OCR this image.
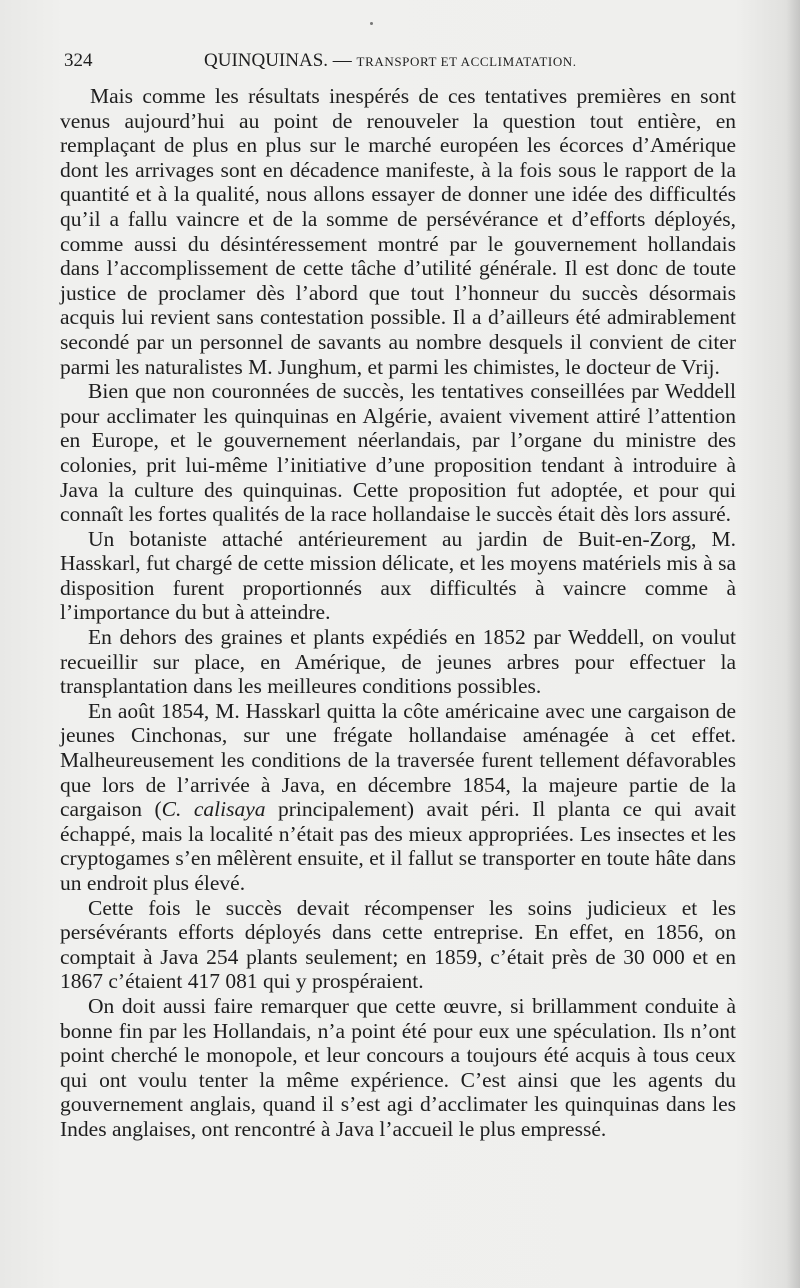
324	QUINQUINAS. — TRANSPORT ET ACCLIMATATION.

Mais comme les résultats inespérés de ces tentatives premières en sont venus aujourd’hui au point de renouveler la question tout entière, en remplaçant de plus en plus sur le marché européen les écorces d’Amérique dont les arrivages sont en décadence manifeste, à la fois sous le rapport de la quantité et à la qualité, nous allons essayer de donner une idée des difficultés qu’il a fallu vaincre et de la somme de persévérance et d’efforts déployés, comme aussi du désintéressement montré par le gouvernement hollandais dans l’accomplissement de cette tâche d’utilité générale. Il est donc de toute justice de proclamer dès l’abord que tout l’honneur du succès désormais acquis lui revient sans contestation possible. Il a d’ailleurs été admirablement secondé par un personnel de savants au nombre desquels il convient de citer parmi les naturalistes M. Junghum, et parmi les chimistes, le docteur de Vrij.

Bien que non couronnées de succès, les tentatives conseillées par Weddell pour acclimater les quinquinas en Algérie, avaient vivement attiré l’attention en Europe, et le gouvernement néerlandais, par l’organe du ministre des colonies, prit lui-même l’initiative d’une proposition tendant à introduire à Java la culture des quinquinas. Cette proposition fut adoptée, et pour qui connaît les fortes qualités de la race hollandaise le succès était dès lors assuré.

Un botaniste attaché antérieurement au jardin de Buit-en-Zorg, M. Hasskarl, fut chargé de cette mission délicate, et les moyens matériels mis à sa disposition furent proportionnés aux difficultés à vaincre comme à l’importance du but à atteindre.

En dehors des graines et plants expédiés en 1852 par Weddell, on voulut recueillir sur place, en Amérique, de jeunes arbres pour effectuer la transplantation dans les meilleures conditions possibles.

En août 1854, M. Hasskarl quitta la côte américaine avec une cargaison de jeunes Cinchonas, sur une frégate hollandaise aménagée à cet effet. Malheureusement les conditions de la traversée furent tellement défavorables que lors de l’arrivée à Java, en décembre 1854, la majeure partie de la cargaison (C. calisaya principalement) avait péri. Il planta ce qui avait échappé, mais la localité n’était pas des mieux appropriées. Les insectes et les cryptogames s’en mêlèrent ensuite, et il fallut se transporter en toute hâte dans un endroit plus élevé.

Cette fois le succès devait récompenser les soins judicieux et les persévérants efforts déployés dans cette entreprise. En effet, en 1856, on comptait à Java 254 plants seulement; en 1859, c’était près de 30 000 et en 1867 c’étaient 417 081 qui y prospéraient.

On doit aussi faire remarquer que cette œuvre, si brillamment conduite à bonne fin par les Hollandais, n’a point été pour eux une spéculation. Ils n’ont point cherché le monopole, et leur concours a toujours été acquis à tous ceux qui ont voulu tenter la même expérience. C’est ainsi que les agents du gouvernement anglais, quand il s’est agi d’acclimater les quinquinas dans les Indes anglaises, ont rencontré à Java l’accueil le plus empressé.
